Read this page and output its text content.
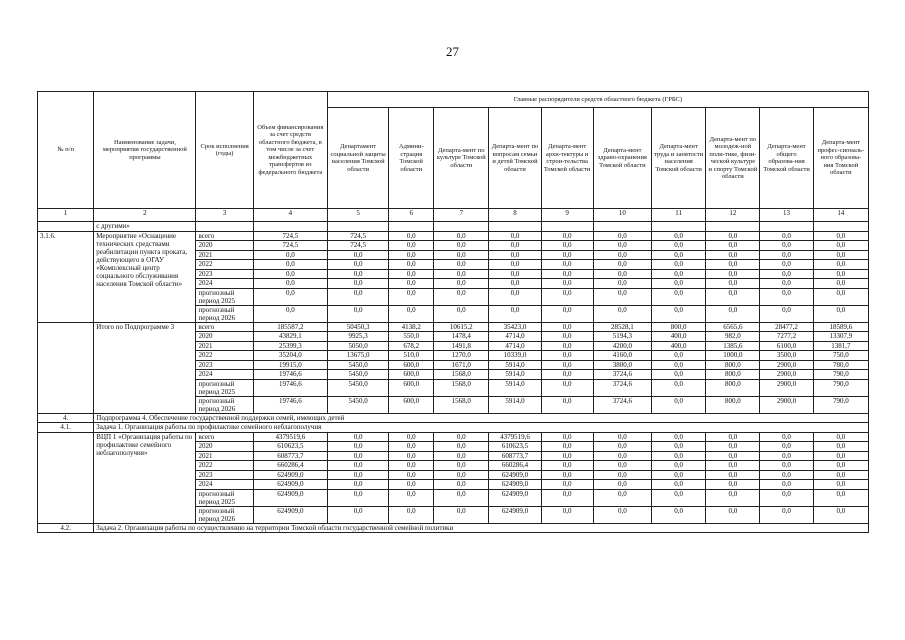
27
№ п/п	Наименование задачи, мероприятия государственной программы	Срок исполнения (годы)	Объем финансирования за счет средств областного бюджета, в том числе за счет межбюджетных трансфертов из федерального бюджета	Главные распорядители средств областного бюджета (ГРБС)									
				Департамент социальной защиты населения Томской области	Админи-страция Томской области	Департа-мент по культуре Томской области	Департа-мент по вопросам семьи и детей Томской области	Департа-мент архи-тектуры и строи-тельства Томской области	Департа-мент здраво-охранения Томской области	Департа-мент труда и занятости населения Томской области	Департа-мент по молодеж-ной поли-тике, физи-ческой культуре и спорту Томской области	Департа-мент общего образова-ния Томской области	Департа-мент профес-сиональ-ного образова-ния Томской области
1	2	3	4	5	6	7	8	9	10	11	12	13	14
	с другими»												
3.1.6.	Мероприятие «Оснащение технических средствами реабилитации пункта проката, действующего в ОГАУ «Комплексный центр социального обслуживания населения Томской области»	всего	724,5	724,5	0,0	0,0	0,0	0,0	0,0	0,0	0,0	0,0	0,0
		2020	724,5	724,5	0,0	0,0	0,0	0,0	0,0	0,0	0,0	0,0	0,0
		2021	0,0	0,0	0,0	0,0	0,0	0,0	0,0	0,0	0,0	0,0	0,0
		2022	0,0	0,0	0,0	0,0	0,0	0,0	0,0	0,0	0,0	0,0	0,0
		2023	0,0	0,0	0,0	0,0	0,0	0,0	0,0	0,0	0,0	0,0	0,0
		2024	0,0	0,0	0,0	0,0	0,0	0,0	0,0	0,0	0,0	0,0	0,0
		прогнозный период 2025	0,0	0,0	0,0	0,0	0,0	0,0	0,0	0,0	0,0	0,0	0,0
		прогнозный период 2026	0,0	0,0	0,0	0,0	0,0	0,0	0,0	0,0	0,0	0,0	0,0
	Итого по Подпрограмме 3	всего	185587,2	50450,3	4138,2	10615,2	35423,0	0,0	28528,1	800,0	6565,6	28477,2	18589,6
		2020	43829,1	9925,3	550,0	1478,4	4714,0	0,0	5194,3	400,0	982,0	7277,2	13307,9
		2021	25399,3	5050,0	678,2	1491,8	4714,0	0,0	4200,0	400,0	1385,6	6100,0	1381,7
		2022	35204,0	13675,0	510,0	1270,0	10339,0	0,0	4160,0	0,0	1000,0	3500,0	750,0
		2023	19915,0	5450,0	600,0	1671,0	5914,0	0,0	3800,0	0,0	800,0	2900,0	780,0
		2024	19746,6	5450,0	600,0	1568,0	5914,0	0,0	3724,6	0,0	800,0	2900,0	790,0
		прогнозный период 2025	19746,6	5450,0	600,0	1568,0	5914,0	0,0	3724,6	0,0	800,0	2900,0	790,0
		прогнозный период 2026	19746,6	5450,0	600,0	1568,0	5914,0	0,0	3724,6	0,0	800,0	2900,0	790,0
4.	Подпрограмма 4. Обеспечение государственной поддержки семей, имеющих детей												
4.1.	Задача 1. Организация работы по профилактике семейного неблагополучия												
	ВЦП 1 «Организация работы по профилактике семейного неблагополучия»	всего	4379519,6	0,0	0,0	0,0	4379519,6	0,0	0,0	0,0	0,0	0,0	0,0
		2020	610623,5	0,0	0,0	0,0	610623,5	0,0	0,0	0,0	0,0	0,0	0,0
		2021	608773,7	0,0	0,0	0,0	608773,7	0,0	0,0	0,0	0,0	0,0	0,0
		2022	660286,4	0,0	0,0	0,0	660286,4	0,0	0,0	0,0	0,0	0,0	0,0
		2023	624909,0	0,0	0,0	0,0	624909,0	0,0	0,0	0,0	0,0	0,0	0,0
		2024	624909,0	0,0	0,0	0,0	624909,0	0,0	0,0	0,0	0,0	0,0	0,0
		прогнозный период 2025	624909,0	0,0	0,0	0,0	624909,0	0,0	0,0	0,0	0,0	0,0	0,0
		прогнозный период 2026	624909,0	0,0	0,0	0,0	624909,0	0,0	0,0	0,0	0,0	0,0	0,0
4.2.	Задача 2. Организация работы по осуществлению на территории Томской области государственной семейной политики												
